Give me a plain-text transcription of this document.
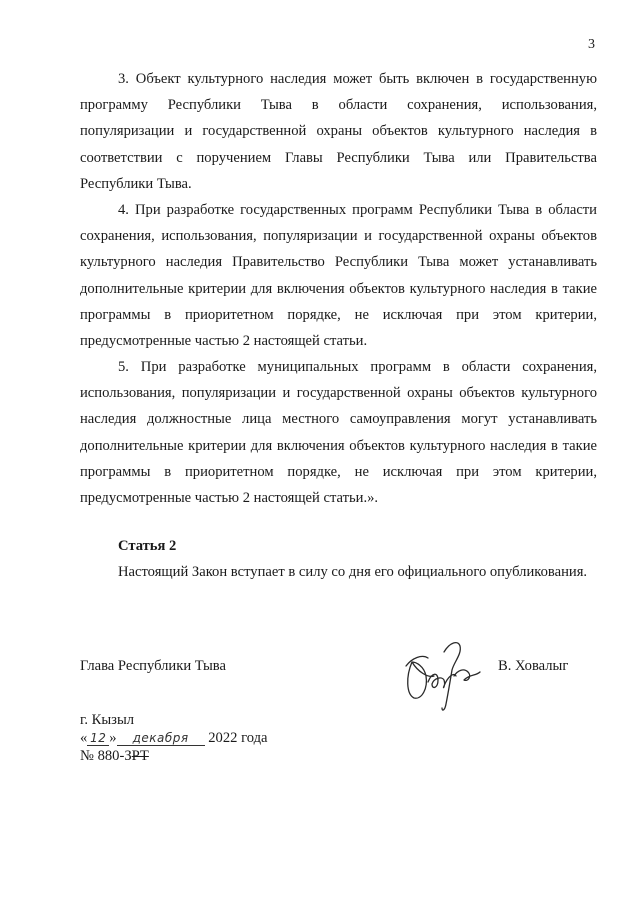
3

3. Объект культурного наследия может быть включен в государственную программу Республики Тыва в области сохранения, использования, популяризации и государственной охраны объектов культурного наследия в соответствии с поручением Главы Республики Тыва или Правительства Республики Тыва.

4. При разработке государственных программ Республики Тыва в области сохранения, использования, популяризации и государственной охраны объектов культурного наследия Правительство Республики Тыва может устанавливать дополнительные критерии для включения объектов культурного наследия в такие программы в приоритетном порядке, не исключая при этом критерии, предусмотренные частью 2 настоящей статьи.

5. При разработке муниципальных программ в области сохранения, использования, популяризации и государственной охраны объектов культурного наследия должностные лица местного самоуправления могут устанавливать дополнительные критерии для включения объектов культурного наследия в такие программы в приоритетном порядке, не исключая при этом критерии, предусмотренные частью 2 настоящей статьи.».

Статья 2

Настоящий Закон вступает в силу со дня его официального опубликования.

Глава Республики Тыва	В. Ховалыг
г. Кызыл
« 12 » декабря 2022 года
№ 880-ЗРТ
